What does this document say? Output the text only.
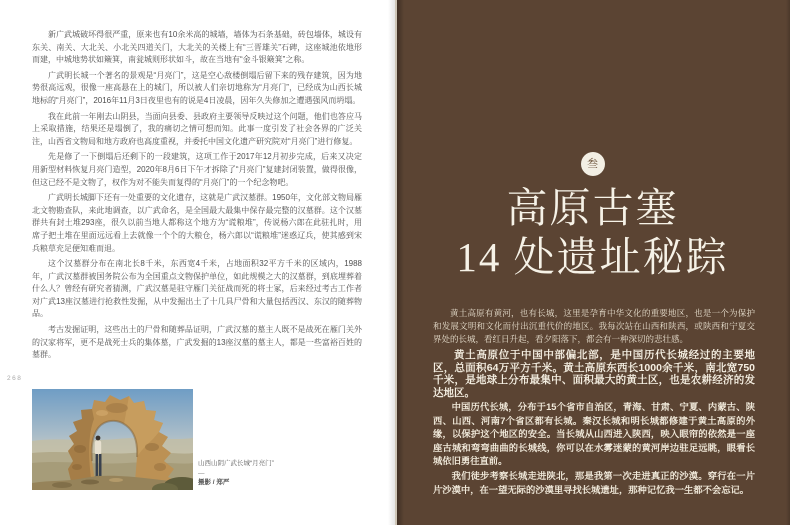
新广武城破坏得很严重，原来也有10余米高的城墙，墙体为石条基础，砖包墙体，城设有东关、南关、大北关、小北关四道关门，大北关的关楼上有“三晋雄关”石碑，这座城池依地形而建，中城地势状如簸箕，南瓮城则形状如斗，故在当地有“金斗银簸箕”之称。

广武明长城一个著名的景观是“月亮门”，这是空心敌楼倒塌后留下来的残存建筑，因为地势很高远观，很像一座高悬在上的城门，所以被人们亲切地称为“月亮门”，已经成为山西长城地标的“月亮门”，2016年11月3日夜里也有的说是4日凌晨，因年久失修加之遭遇强风而坍塌。

我在此前一年刚去山阴县，当面向县委、县政府主要领导反映过这个问题，他们也答应马上采取措施，结果还是塌倒了，我的痛切之情可想而知。此事一度引发了社会各界的广泛关注，山西省文物局和地方政府也高度重视，并委托中国文化遗产研究院对“月亮门”进行修复。

先是修了一下倒塌后还剩下的一段建筑，这项工作于2017年12月初步完成，后来又决定用新型材料恢复月亮门造型，2020年8月6日下午才拆除了“月亮门”复建封闭装置，做得很像，但这已经不是文物了，权作为对不能失而复得的“月亮门”的一个纪念物吧。

广武明长城脚下还有一处重要的文化遗存，这就是广武汉墓群。1950年，文化部文物局雁北文物勘查队，来此地调查，以广武命名，是全国最大最集中保存最完整的汉墓群。这个汉墓群共有封土堆293座，很久以前当地人都称这个地方为“谎粮堆”，传说杨六郎在此驻扎时，用席子把土堆在里面远远看上去就像一个个的大粮仓，杨六郎以“谎粮堆”迷惑辽兵，使其感到宋兵粮草充足便知难而退。

这个汉墓群分布在南北长8千米，东西宽4千米，占地面积32平方千米的区域内，1988年，广武汉墓群被国务院公布为全国重点文物保护单位，如此规模之大的汉墓群，到底埋葬着什么人？曾经有研究者猜测，广武汉墓是驻守雁门关征战而死的将士冢，后来经过考古工作者对广武13座汉墓进行抢救性发掘，从中发掘出土了十几具尸骨和大量包括西汉、东汉的随葬物品。

考古发掘证明，这些出土的尸骨和随葬品证明，广武汉墓的墓主人既不是战死在雁门关外的汉家将军，更不是战死士兵的集体墓，广武发掘的13座汉墓的墓主人，都是一些富裕百姓的墓群。

268
山西山阴广武长城“月亮门”
—
摄影 / 郑严
叁
高原古塞
14 处遗址秘踪

黄土高原有黄河，也有长城，这里是孕育中华文化的重要地区，也是一个为保护和发展文明和文化而付出沉重代价的地区。我每次站在山西和陕西，或陕西和宁夏交界处的长城，看红日升起，看夕阳落下，都会有一种深切的悲壮感。

黄土高原位于中国中部偏北部，是中国历代长城经过的主要地区，总面积64万平方千米。黄土高原东西长1000余千米，南北宽750千米，是地球上分布最集中、面积最大的黄土区，也是农耕经济的发达地区。

中国历代长城，分布于15个省市自治区，青海、甘肃、宁夏、内蒙古、陕西、山西、河南7个省区都有长城。秦汉长城和明长城都修建于黄土高原的外缘，以保护这个地区的安全。当长城从山西进入陕西，映入眼帘的依然是一座座古城和弯弯曲曲的长城线，你可以在水雾迷蒙的黄河岸边驻足远眺，眼看长城依旧勇往直前。

我们徒步考察长城走进陕北，那是我第一次走进真正的沙漠。穿行在一片片沙漠中，在一望无际的沙漠里寻找长城遗址，那种记忆我一生都不会忘记。
